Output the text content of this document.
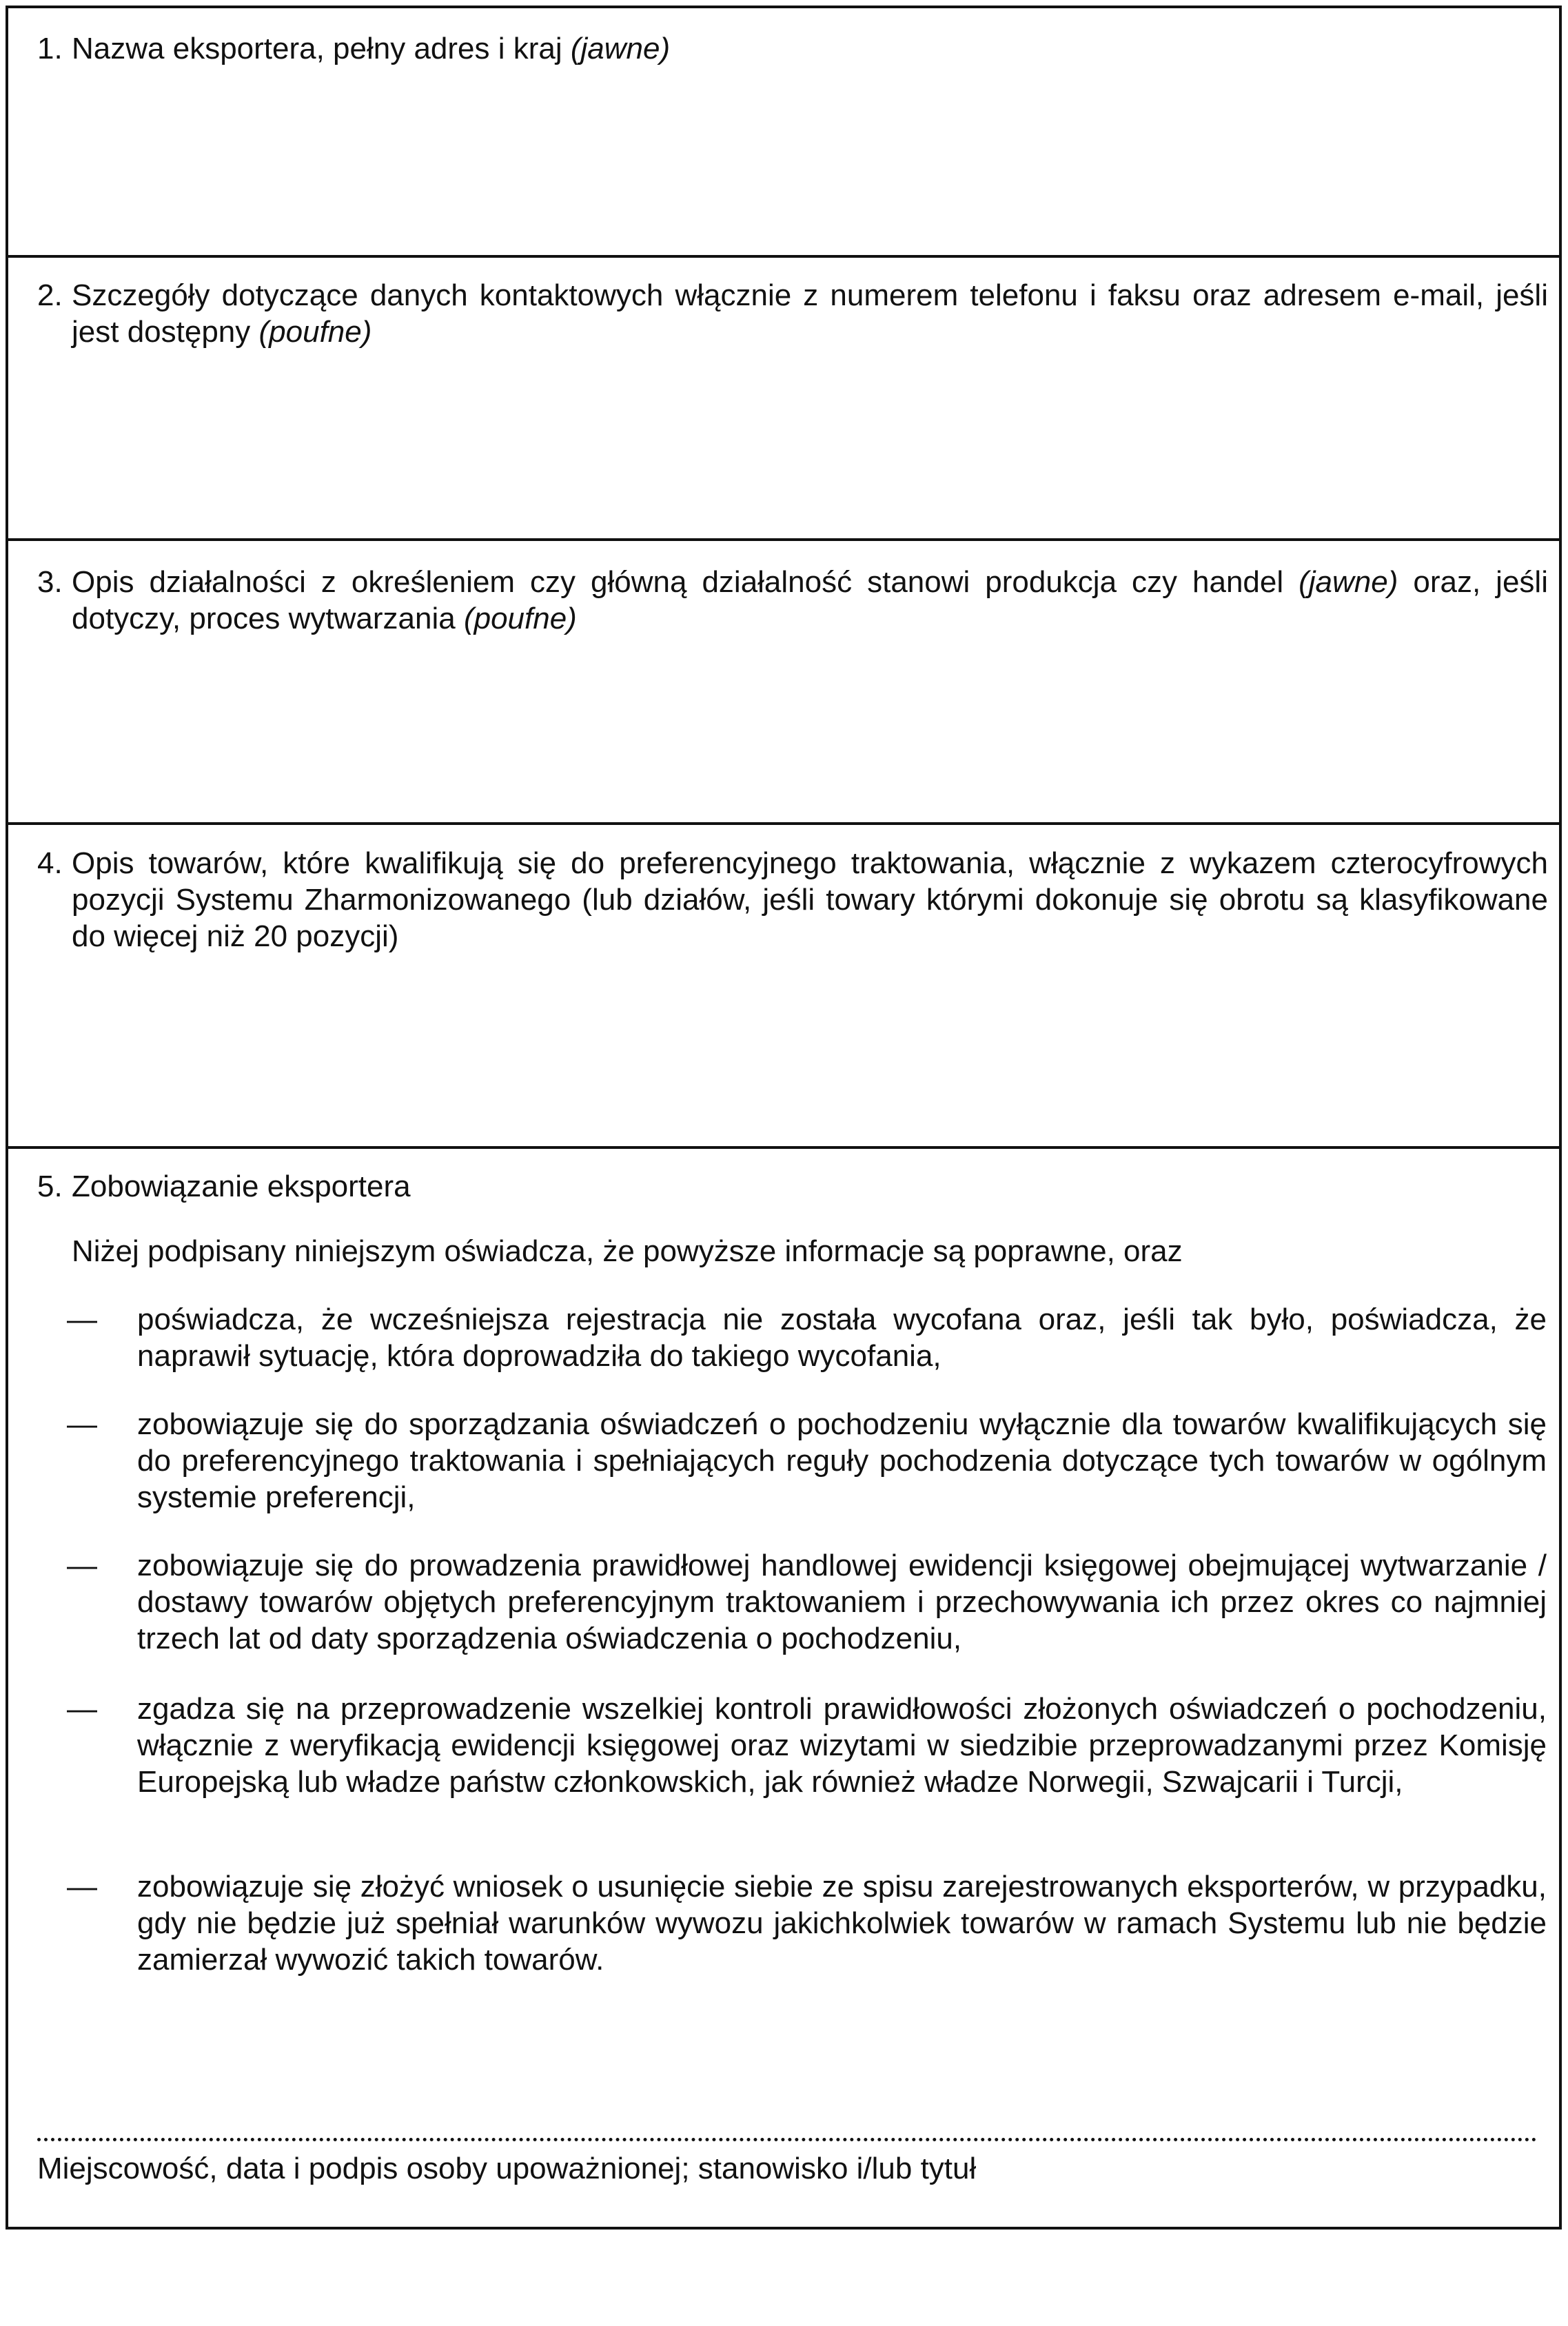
1. Nazwa eksportera, pełny adres i kraj (jawne)
2. Szczegóły dotyczące danych kontaktowych włącznie z numerem telefonu i faksu oraz adresem e-mail, jeśli jest dostępny (poufne)
3. Opis działalności z określeniem czy główną działalność stanowi produkcja czy handel (jawne) oraz, jeśli dotyczy, proces wytwarzania (poufne)
4. Opis towarów, które kwalifikują się do preferencyjnego traktowania, włącznie z wykazem czterocyfrowych pozycji Systemu Zharmonizowanego (lub działów, jeśli towary którymi dokonuje się obrotu są klasyfikowane do więcej niż 20 pozycji)
5. Zobowiązanie eksportera
Niżej podpisany niniejszym oświadcza, że powyższe informacje są poprawne, oraz
—	poświadcza, że wcześniejsza rejestracja nie została wycofana oraz, jeśli tak było, poświadcza, że naprawił sytuację, która doprowadziła do takiego wycofania,
—	zobowiązuje się do sporządzania oświadczeń o pochodzeniu wyłącznie dla towarów kwalifikujących się do preferencyjnego traktowania i spełniających reguły pochodzenia dotyczące tych towarów w ogólnym systemie preferencji,
—	zobowiązuje się do prowadzenia prawidłowej handlowej ewidencji księgowej obejmującej wytwarzanie / dostawy towarów objętych preferencyjnym traktowaniem i przechowywania ich przez okres co najmniej trzech lat od daty sporządzenia oświadczenia o pochodzeniu,
—	zgadza się na przeprowadzenie wszelkiej kontroli prawidłowości złożonych oświadczeń o pochodzeniu, włącznie z weryfikacją ewidencji księgowej oraz wizytami w siedzibie przeprowadzanymi przez Komisję Europejską lub władze państw członkowskich, jak również władze Norwegii, Szwajcarii i Turcji,
—	zobowiązuje się złożyć wniosek o usunięcie siebie ze spisu zarejestrowanych eksporterów, w przypadku, gdy nie będzie już spełniał warunków wywozu jakichkolwiek towarów w ramach Systemu lub nie będzie zamierzał wywozić takich towarów.
Miejscowość, data i podpis osoby upoważnionej; stanowisko i/lub tytuł
